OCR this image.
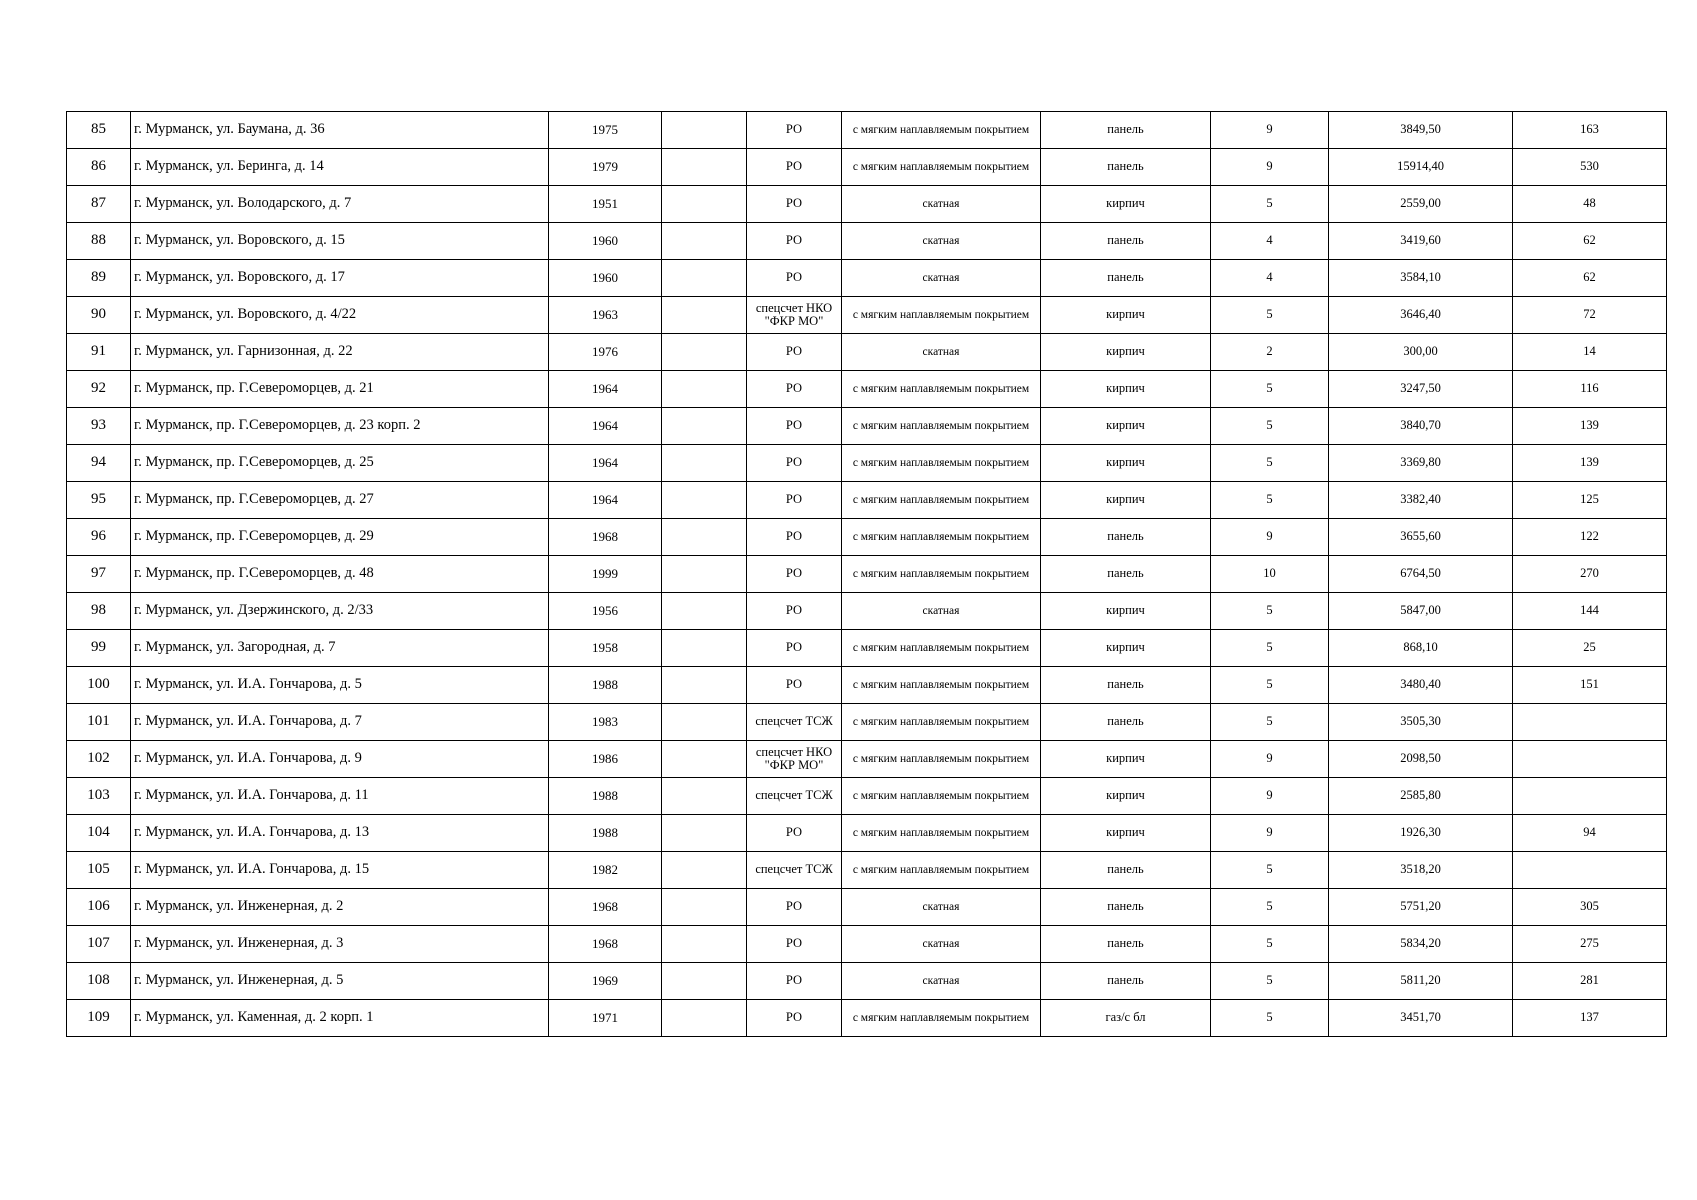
85	г. Мурманск, ул. Баумана, д. 36	1975		РО	с мягким наплавляемым покрытием	панель	9	3849,50	163
86	г. Мурманск, ул. Беринга, д. 14	1979		РО	с мягким наплавляемым покрытием	панель	9	15914,40	530
87	г. Мурманск, ул. Володарского, д. 7	1951		РО	скатная	кирпич	5	2559,00	48
88	г. Мурманск, ул. Воровского, д. 15	1960		РО	скатная	панель	4	3419,60	62
89	г. Мурманск, ул. Воровского, д. 17	1960		РО	скатная	панель	4	3584,10	62
90	г. Мурманск, ул. Воровского, д. 4/22	1963		спецсчет НКО "ФКР МО"	с мягким наплавляемым покрытием	кирпич	5	3646,40	72
91	г. Мурманск, ул. Гарнизонная, д. 22	1976		РО	скатная	кирпич	2	300,00	14
92	г. Мурманск, пр. Г.Североморцев, д. 21	1964		РО	с мягким наплавляемым покрытием	кирпич	5	3247,50	116
93	г. Мурманск, пр. Г.Североморцев, д. 23 корп. 2	1964		РО	с мягким наплавляемым покрытием	кирпич	5	3840,70	139
94	г. Мурманск, пр. Г.Североморцев, д. 25	1964		РО	с мягким наплавляемым покрытием	кирпич	5	3369,80	139
95	г. Мурманск, пр. Г.Североморцев, д. 27	1964		РО	с мягким наплавляемым покрытием	кирпич	5	3382,40	125
96	г. Мурманск, пр. Г.Североморцев, д. 29	1968		РО	с мягким наплавляемым покрытием	панель	9	3655,60	122
97	г. Мурманск, пр. Г.Североморцев, д. 48	1999		РО	с мягким наплавляемым покрытием	панель	10	6764,50	270
98	г. Мурманск, ул. Дзержинского, д. 2/33	1956		РО	скатная	кирпич	5	5847,00	144
99	г. Мурманск, ул. Загородная, д. 7	1958		РО	с мягким наплавляемым покрытием	кирпич	5	868,10	25
100	г. Мурманск, ул. И.А. Гончарова, д. 5	1988		РО	с мягким наплавляемым покрытием	панель	5	3480,40	151
101	г. Мурманск, ул. И.А. Гончарова, д. 7	1983		спецсчет ТСЖ	с мягким наплавляемым покрытием	панель	5	3505,30	
102	г. Мурманск, ул. И.А. Гончарова, д. 9	1986		спецсчет НКО "ФКР МО"	с мягким наплавляемым покрытием	кирпич	9	2098,50	
103	г. Мурманск, ул. И.А. Гончарова, д. 11	1988		спецсчет ТСЖ	с мягким наплавляемым покрытием	кирпич	9	2585,80	
104	г. Мурманск, ул. И.А. Гончарова, д. 13	1988		РО	с мягким наплавляемым покрытием	кирпич	9	1926,30	94
105	г. Мурманск, ул. И.А. Гончарова, д. 15	1982		спецсчет ТСЖ	с мягким наплавляемым покрытием	панель	5	3518,20	
106	г. Мурманск, ул. Инженерная, д. 2	1968		РО	скатная	панель	5	5751,20	305
107	г. Мурманск, ул. Инженерная, д. 3	1968		РО	скатная	панель	5	5834,20	275
108	г. Мурманск, ул. Инженерная, д. 5	1969		РО	скатная	панель	5	5811,20	281
109	г. Мурманск, ул. Каменная, д. 2 корп. 1	1971		РО	с мягким наплавляемым покрытием	газ/с бл	5	3451,70	137
